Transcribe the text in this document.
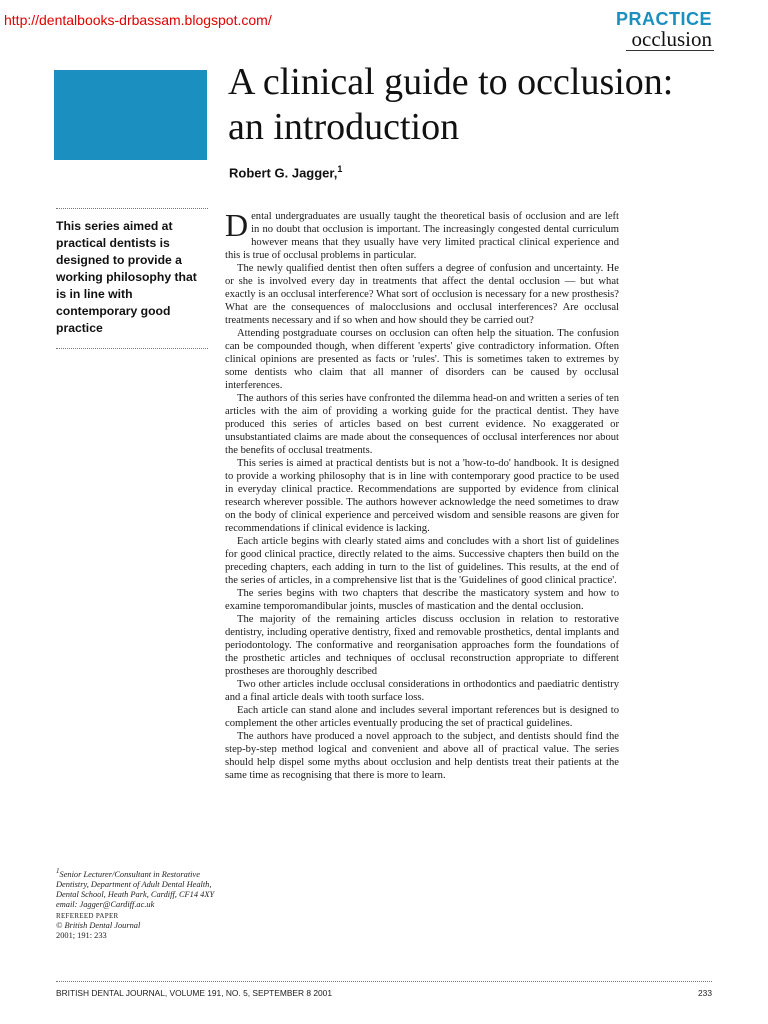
http://dentalbooks-drbassam.blogspot.com/	PRACTICE
occlusion
A clinical guide to occlusion:
an introduction
Robert G. Jagger,$^1$
This series aimed at practical dentists is designed to provide a working philosophy that is in line with contemporary good practice

Dental undergraduates are usually taught the theoretical basis of occlusion and are left in no doubt that occlusion is important. The increasingly congested dental curriculum however means that they usually have very limited practical clinical experience and this is true of occlusal problems in particular.

The newly qualified dentist then often suffers a degree of confusion and uncertainty. He or she is involved every day in treatments that affect the dental occlusion — but what exactly is an occlusal interference? What sort of occlusion is necessary for a new prosthesis? What are the consequences of malocclusions and occlusal interferences? Are occlusal treatments necessary and if so when and how should they be carried out?

Attending postgraduate courses on occlusion can often help the situation. The confusion can be compounded though, when different 'experts' give contradictory information. Often clinical opinions are presented as facts or 'rules'. This is sometimes taken to extremes by some dentists who claim that all manner of disorders can be caused by occlusal interferences.

The authors of this series have confronted the dilemma head-on and written a series of ten articles with the aim of providing a working guide for the practical dentist. They have produced this series of articles based on best current evidence. No exaggerated or unsubstantiated claims are made about the consequences of occlusal interferences nor about the benefits of occlusal treatments.

This series is aimed at practical dentists but is not a 'how-to-do' handbook. It is designed to provide a working philosophy that is in line with contemporary good practice to be used in everyday clinical practice. Recommendations are supported by evidence from clinical research wherever possible. The authors however acknowledge the need sometimes to draw on the body of clinical experience and perceived wisdom and sensible reasons are given for recommendations if clinical evidence is lacking.

Each article begins with clearly stated aims and concludes with a short list of guidelines for good clinical practice, directly related to the aims. Successive chapters then build on the preceding chapters, each adding in turn to the list of guidelines. This results, at the end of the series of articles, in a comprehensive list that is the 'Guidelines of good clinical practice'.

The series begins with two chapters that describe the masticatory system and how to examine temporomandibular joints, muscles of mastication and the dental occlusion.

The majority of the remaining articles discuss occlusion in relation to restorative dentistry, including operative dentistry, fixed and removable prosthetics, dental implants and periodontology. The conformative and reorganisation approaches form the foundations of the prosthetic articles and techniques of occlusal reconstruction appropriate to different prostheses are thoroughly described

Two other articles include occlusal considerations in orthodontics and paediatric dentistry and a final article deals with tooth surface loss.

Each article can stand alone and includes several important references but is designed to complement the other articles eventually producing the set of practical guidelines.

The authors have produced a novel approach to the subject, and dentists should find the step-by-step method logical and convenient and above all of practical value. The series should help dispel some myths about occlusion and help dentists treat their patients at the same time as recognising that there is more to learn.

$^1$Senior Lecturer/Consultant in Restorative Dentistry, Department of Adult Dental Health, Dental School, Heath Park, Cardiff, CF14 4XY
email: Jagger@Cardiff.ac.uk
REFEREED PAPER
© British Dental Journal
2001; 191: 233
BRITISH DENTAL JOURNAL, VOLUME 191, NO. 5, SEPTEMBER 8 2001	233
